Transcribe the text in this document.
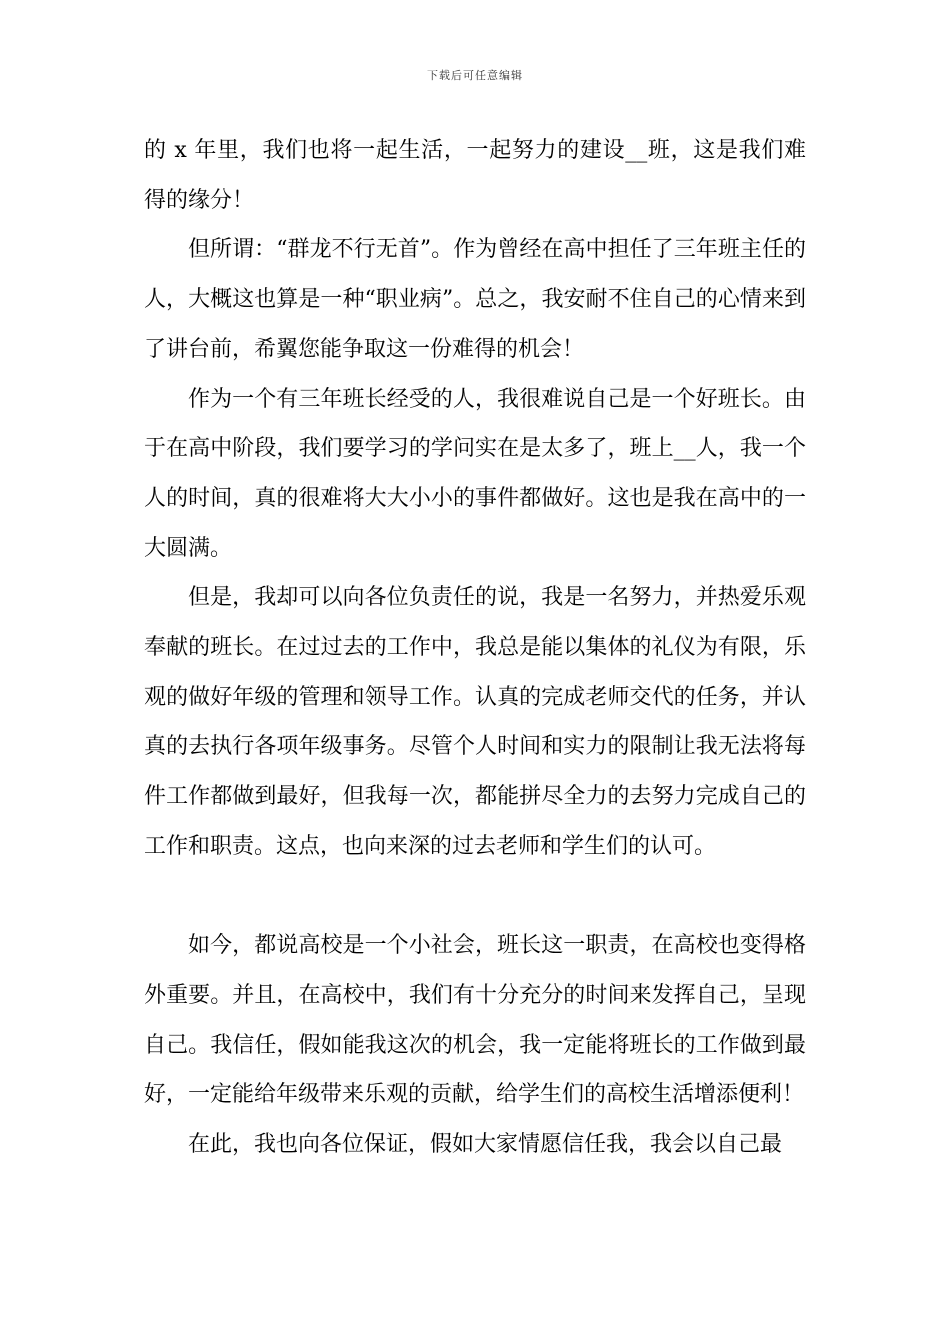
下载后可任意编辑

的 x 年里，我们也将一起生活，一起努力的建设__班，这是我们难得的缘分！

但所谓：“群龙不行无首”。作为曾经在高中担任了三年班主任的人，大概这也算是一种“职业病”。总之，我安耐不住自己的心情来到了讲台前，希翼您能争取这一份难得的机会！

作为一个有三年班长经受的人，我很难说自己是一个好班长。由于在高中阶段，我们要学习的学问实在是太多了，班上__人，我一个人的时间，真的很难将大大小小的事件都做好。这也是我在高中的一大圆满。

但是，我却可以向各位负责任的说，我是一名努力，并热爱乐观奉献的班长。在过过去的工作中，我总是能以集体的礼仪为有限，乐观的做好年级的管理和领导工作。认真的完成老师交代的任务，并认真的去执行各项年级事务。尽管个人时间和实力的限制让我无法将每件工作都做到最好，但我每一次，都能拼尽全力的去努力完成自己的工作和职责。这点，也向来深的过去老师和学生们的认可。

如今，都说高校是一个小社会，班长这一职责，在高校也变得格外重要。并且，在高校中，我们有十分充分的时间来发挥自己，呈现自己。我信任，假如能我这次的机会，我一定能将班长的工作做到最好，一定能给年级带来乐观的贡献，给学生们的高校生活增添便利！

在此，我也向各位保证，假如大家情愿信任我，我会以自己最
